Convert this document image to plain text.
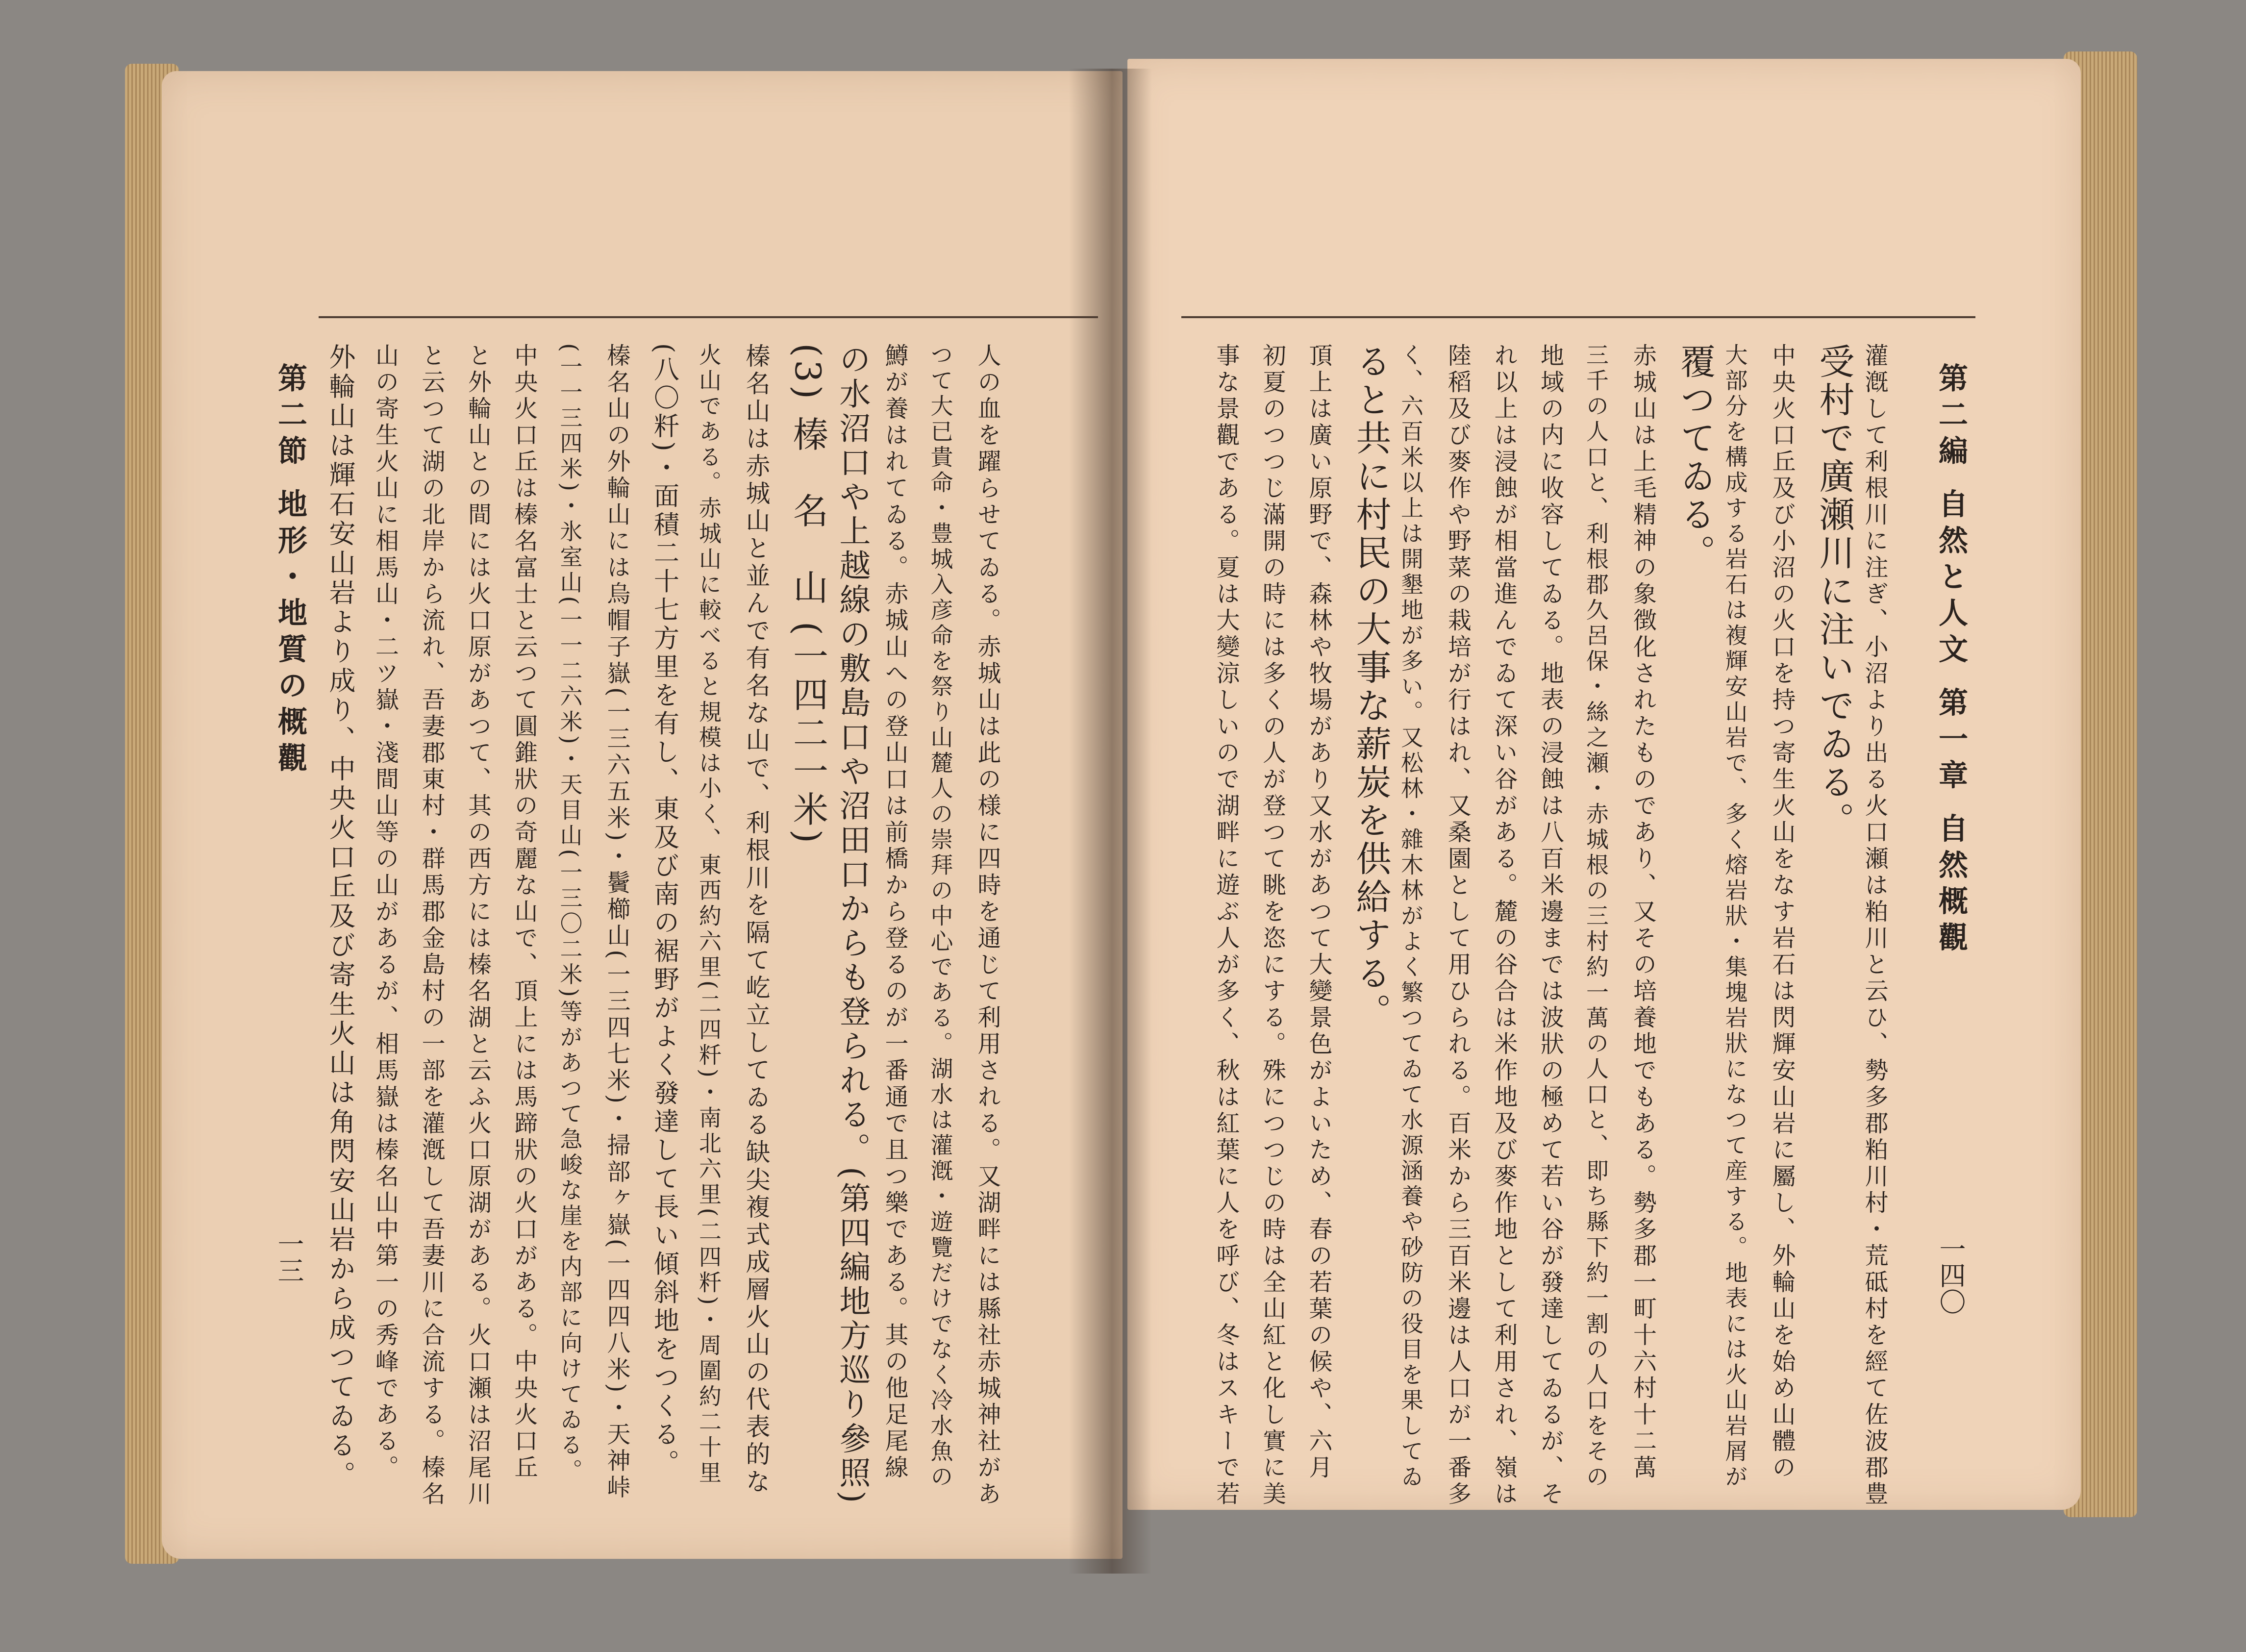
人の血を躍らせてゐる。赤城山は此の様に四時を通じて利用される。又湖畔には縣社赤城神社があ
つて大已貴命・豊城入彦命を祭り山麓人の崇拜の中心である。湖水は灌漑・遊覽だけでなく冷水魚の
鱒が養はれてゐる。赤城山への登山口は前橋から登るのが一番通で且つ樂である。其の他足尾線
の水沼口や上越線の敷島口や沼田口からも登られる。(第四編地方巡り參照)
(3) 榛　名　山 (一四二一米)
榛名山は赤城山と並んで有名な山で、利根川を隔て屹立してゐる缺尖複式成層火山の代表的な
火山である。赤城山に較べると規模は小く、東西約六里(二四粁)・南北六里(二四粁)・周圍約二十里
(八〇粁)・面積二十七方里を有し、東及び南の裾野がよく發達して長い傾斜地をつくる。
榛名山の外輪山には烏帽子嶽(一三六五米)・鬢櫛山(一三四七米)・掃部ヶ嶽(一四四八米)・天神峠
(一一三四米)・氷室山(一一二六米)・天目山(一三〇二米)等があつて急峻な崖を内部に向けてゐる。
中央火口丘は榛名富士と云つて圓錐狀の奇麗な山で、頂上には馬蹄狀の火口がある。中央火口丘
と外輪山との間には火口原があつて、其の西方には榛名湖と云ふ火口原湖がある。火口瀬は沼尾川
と云つて湖の北岸から流れ、吾妻郡東村・群馬郡金島村の一部を灌漑して吾妻川に合流する。榛名
山の寄生火山に相馬山・二ツ嶽・淺間山等の山があるが、相馬嶽は榛名山中第一の秀峰である。
外輪山は輝石安山岩より成り、中央火口丘及び寄生火山は角閃安山岩から成つてゐる。
第二節 地形・地質の概觀
一三	灌漑して利根川に注ぎ、小沼より出る火口瀬は粕川と云ひ、勢多郡粕川村・荒砥村を經て佐波郡豊
受村で廣瀬川に注いでゐる。
中央火口丘及び小沼の火口を持つ寄生火山をなす岩石は閃輝安山岩に屬し、外輪山を始め山體の
大部分を構成する岩石は複輝安山岩で、多く熔岩狀・集塊岩狀になつて産する。地表には火山岩屑が
覆つてゐる。
赤城山は上毛精神の象徴化されたものであり、又その培養地でもある。勢多郡一町十六村十二萬
三千の人口と、利根郡久呂保・絲之瀬・赤城根の三村約一萬の人口と、即ち縣下約一割の人口をその
地域の内に收容してゐる。地表の浸蝕は八百米邊までは波狀の極めて若い谷が發達してゐるが、そ
れ以上は浸蝕が相當進んでゐて深い谷がある。麓の谷合は米作地及び麥作地として利用され、嶺は
陸稻及び麥作や野菜の栽培が行はれ、又桑園として用ひられる。百米から三百米邊は人口が一番多
く、六百米以上は開墾地が多い。又松林・雜木林がよく繁つてゐて水源涵養や砂防の役目を果してゐ
ると共に村民の大事な薪炭を供給する。
頂上は廣い原野で、森林や牧場があり又水があつて大變景色がよいため、春の若葉の候や、六月
初夏のつつじ滿開の時には多くの人が登つて眺を恣にする。殊につつじの時は全山紅と化し實に美
事な景觀である。夏は大變涼しいので湖畔に遊ぶ人が多く、秋は紅葉に人を呼び、冬はスキーで若	第二編 自然と人文 第一章 自然概觀
一四〇
